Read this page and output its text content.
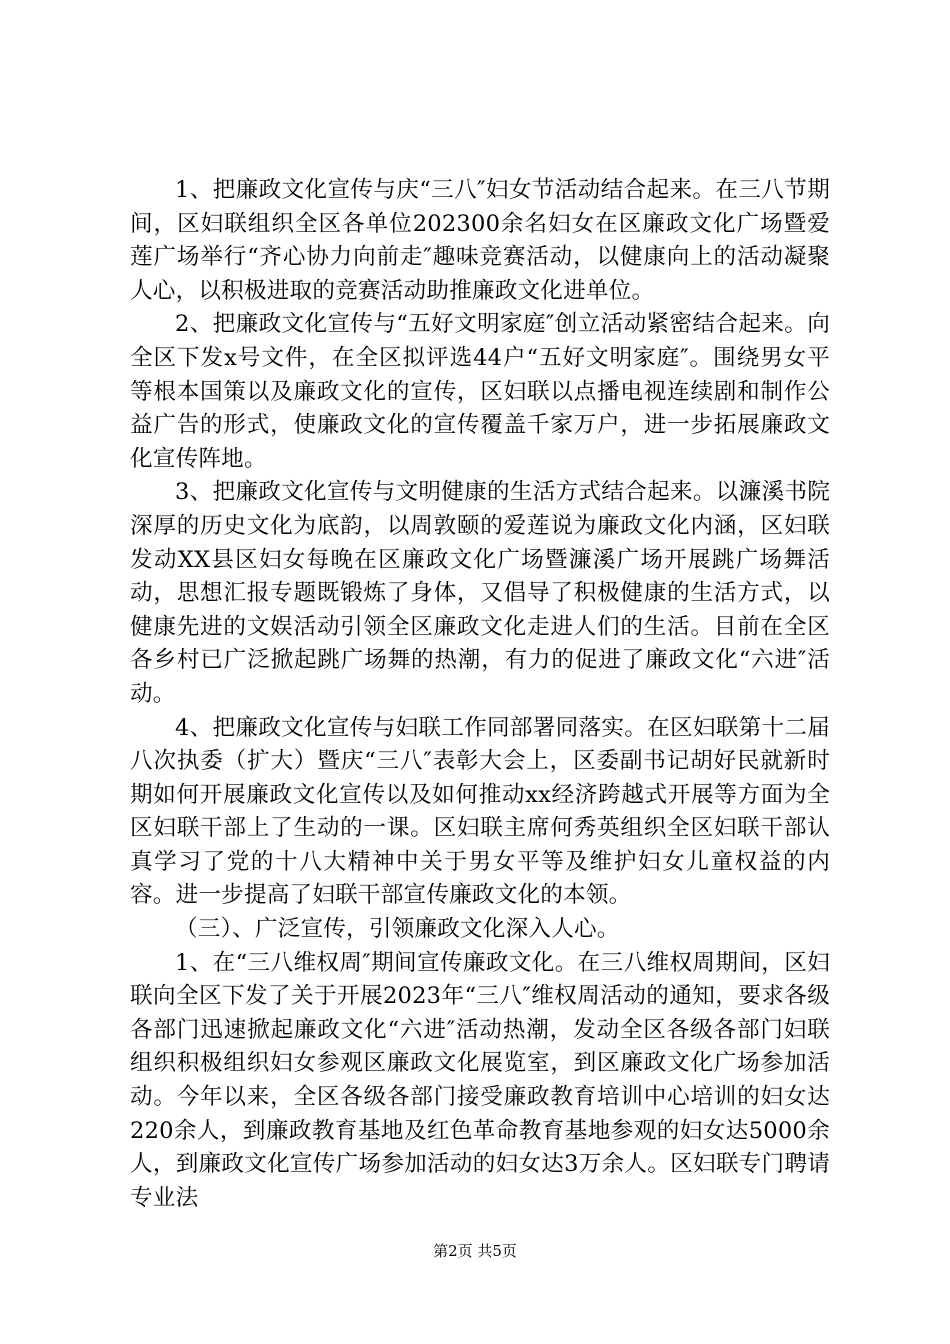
1、把廉政文化宣传与庆“三八″妇女节活动结合起来。在三八节期间，区妇联组织全区各单位202300余名妇女在区廉政文化广场暨爱莲广场举行“齐心协力向前走″趣味竞赛活动，以健康向上的活动凝聚人心，以积极进取的竞赛活动助推廉政文化进单位。

2、把廉政文化宣传与“五好文明家庭″创立活动紧密结合起来。向全区下发x号文件，在全区拟评选44户“五好文明家庭″。围绕男女平等根本国策以及廉政文化的宣传，区妇联以点播电视连续剧和制作公益广告的形式，使廉政文化的宣传覆盖千家万户，进一步拓展廉政文化宣传阵地。

3、把廉政文化宣传与文明健康的生活方式结合起来。以濂溪书院深厚的历史文化为底韵，以周敦颐的爱莲说为廉政文化内涵，区妇联发动XX县区妇女每晚在区廉政文化广场暨濂溪广场开展跳广场舞活动，思想汇报专题既锻炼了身体，又倡导了积极健康的生活方式，以健康先进的文娱活动引领全区廉政文化走进人们的生活。目前在全区各乡村已广泛掀起跳广场舞的热潮，有力的促进了廉政文化“六进″活动。

4、把廉政文化宣传与妇联工作同部署同落实。在区妇联第十二届八次执委（扩大）暨庆“三八″表彰大会上，区委副书记胡好民就新时期如何开展廉政文化宣传以及如何推动xx经济跨越式开展等方面为全区妇联干部上了生动的一课。区妇联主席何秀英组织全区妇联干部认真学习了党的十八大精神中关于男女平等及维护妇女儿童权益的内容。进一步提高了妇联干部宣传廉政文化的本领。

（三）、广泛宣传，引领廉政文化深入人心。

1、在“三八维权周″期间宣传廉政文化。在三八维权周期间，区妇联向全区下发了关于开展2023年“三八″维权周活动的通知，要求各级各部门迅速掀起廉政文化“六进″活动热潮，发动全区各级各部门妇联组织积极组织妇女参观区廉政文化展览室，到区廉政文化广场参加活动。今年以来，全区各级各部门接受廉政教育培训中心培训的妇女达220余人，到廉政教育基地及红色革命教育基地参观的妇女达5000余人，到廉政文化宣传广场参加活动的妇女达3万余人。区妇联专门聘请专业法

第2页 共5页
